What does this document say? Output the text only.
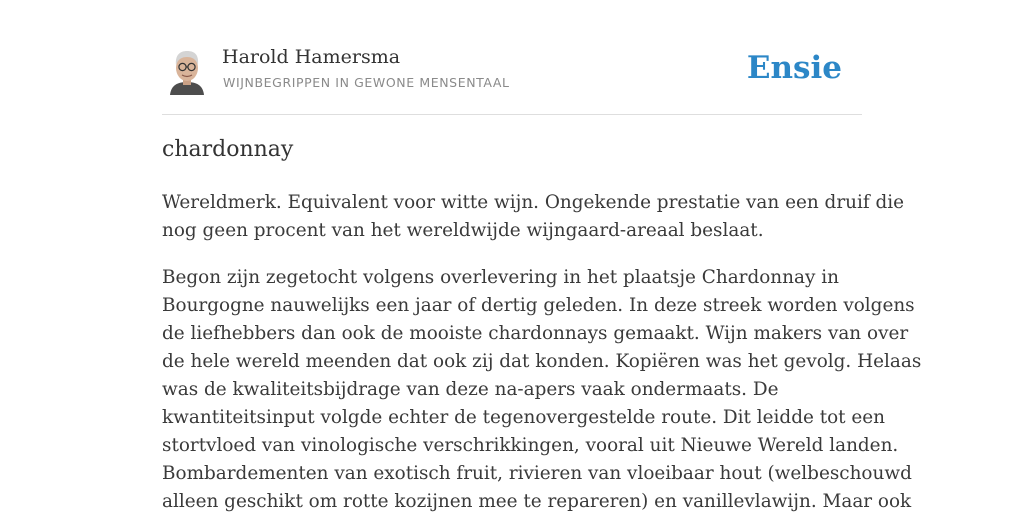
Harold Hamersma
WIJNBEGRIPPEN IN GEWONE MENSENTAAL	Ensie
chardonnay

Wereldmerk. Equivalent voor witte wijn. Ongekende prestatie van een druif die
nog geen procent van het wereldwijde wijngaard-areaal beslaat.

Begon zijn zegetocht volgens overlevering in het plaatsje Chardonnay in
Bourgogne nauwelijks een jaar of dertig geleden. In deze streek worden volgens
de liefhebbers dan ook de mooiste chardonnays gemaakt. Wijn makers van over
de hele wereld meenden dat ook zij dat konden. Kopiëren was het gevolg. Helaas
was de kwaliteitsbijdrage van deze na-apers vaak ondermaats. De
kwantiteitsinput volgde echter de tegenovergestelde route. Dit leidde tot een
stortvloed van vinologische verschrikkingen, vooral uit Nieuwe Wereld landen.
Bombardementen van exotisch fruit, rivieren van vloeibaar hout (welbeschouwd
alleen geschikt om rotte kozijnen mee te repareren) en vanillevlawijn. Maar ook
